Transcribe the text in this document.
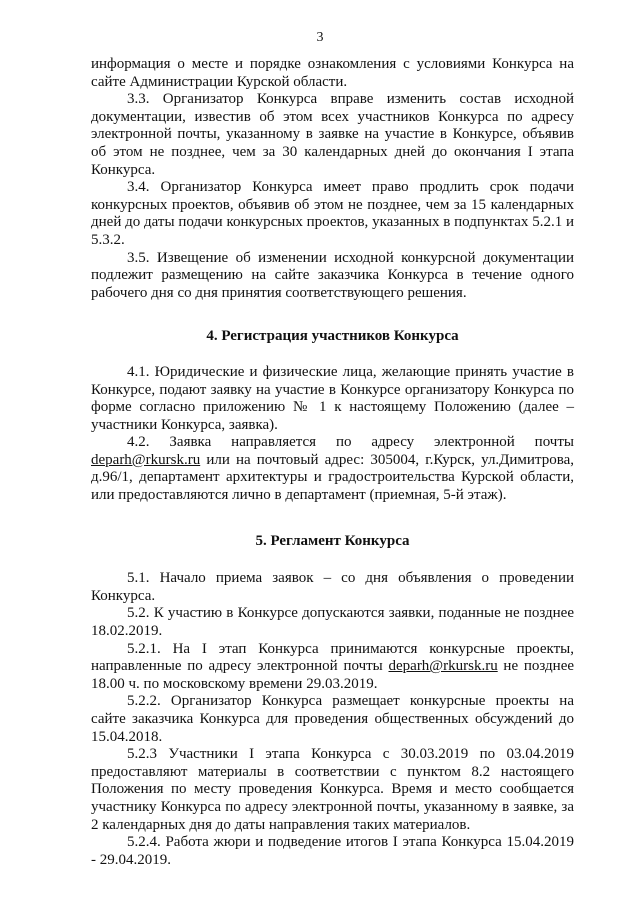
3

информация о месте и порядке ознакомления с условиями Конкурса на сайте Администрации Курской области.

3.3. Организатор Конкурса вправе изменить состав исходной документации, известив об этом всех участников Конкурса по адресу электронной почты, указанному в заявке на участие в Конкурсе, объявив об этом не позднее, чем за 30 календарных дней до окончания I этапа Конкурса.

3.4. Организатор Конкурса имеет право продлить срок подачи конкурсных проектов, объявив об этом не позднее, чем за 15 календарных дней до даты подачи конкурсных проектов, указанных в подпунктах 5.2.1 и 5.3.2.

3.5. Извещение об изменении исходной конкурсной документации подлежит размещению на сайте заказчика Конкурса в течение одного рабочего дня со дня принятия соответствующего решения.

4. Регистрация участников Конкурса

4.1. Юридические и физические лица, желающие принять участие в Конкурсе, подают заявку на участие в Конкурсе организатору Конкурса по форме согласно приложению № 1 к настоящему Положению (далее – участники Конкурса, заявка).

4.2. Заявка направляется по адресу электронной почты deparh@rkursk.ru или на почтовый адрес: 305004, г.Курск, ул.Димитрова, д.96/1, департамент архитектуры и градостроительства Курской области, или предоставляются лично в департамент (приемная, 5-й этаж).

5. Регламент Конкурса

5.1. Начало приема заявок – со дня объявления о проведении Конкурса.

5.2. К участию в Конкурсе допускаются заявки, поданные не позднее 18.02.2019.

5.2.1. На I этап Конкурса принимаются конкурсные проекты, направленные по адресу электронной почты deparh@rkursk.ru не позднее 18.00 ч. по московскому времени 29.03.2019.

5.2.2. Организатор Конкурса размещает конкурсные проекты на сайте заказчика Конкурса для проведения общественных обсуждений до 15.04.2018.

5.2.3 Участники I этапа Конкурса с 30.03.2019 по 03.04.2019 предоставляют материалы в соответствии с пунктом 8.2 настоящего Положения по месту проведения Конкурса. Время и место сообщается участнику Конкурса по адресу электронной почты, указанному в заявке, за 2 календарных дня до даты направления таких материалов.

5.2.4. Работа жюри и подведение итогов I этапа Конкурса 15.04.2019 - 29.04.2019.
